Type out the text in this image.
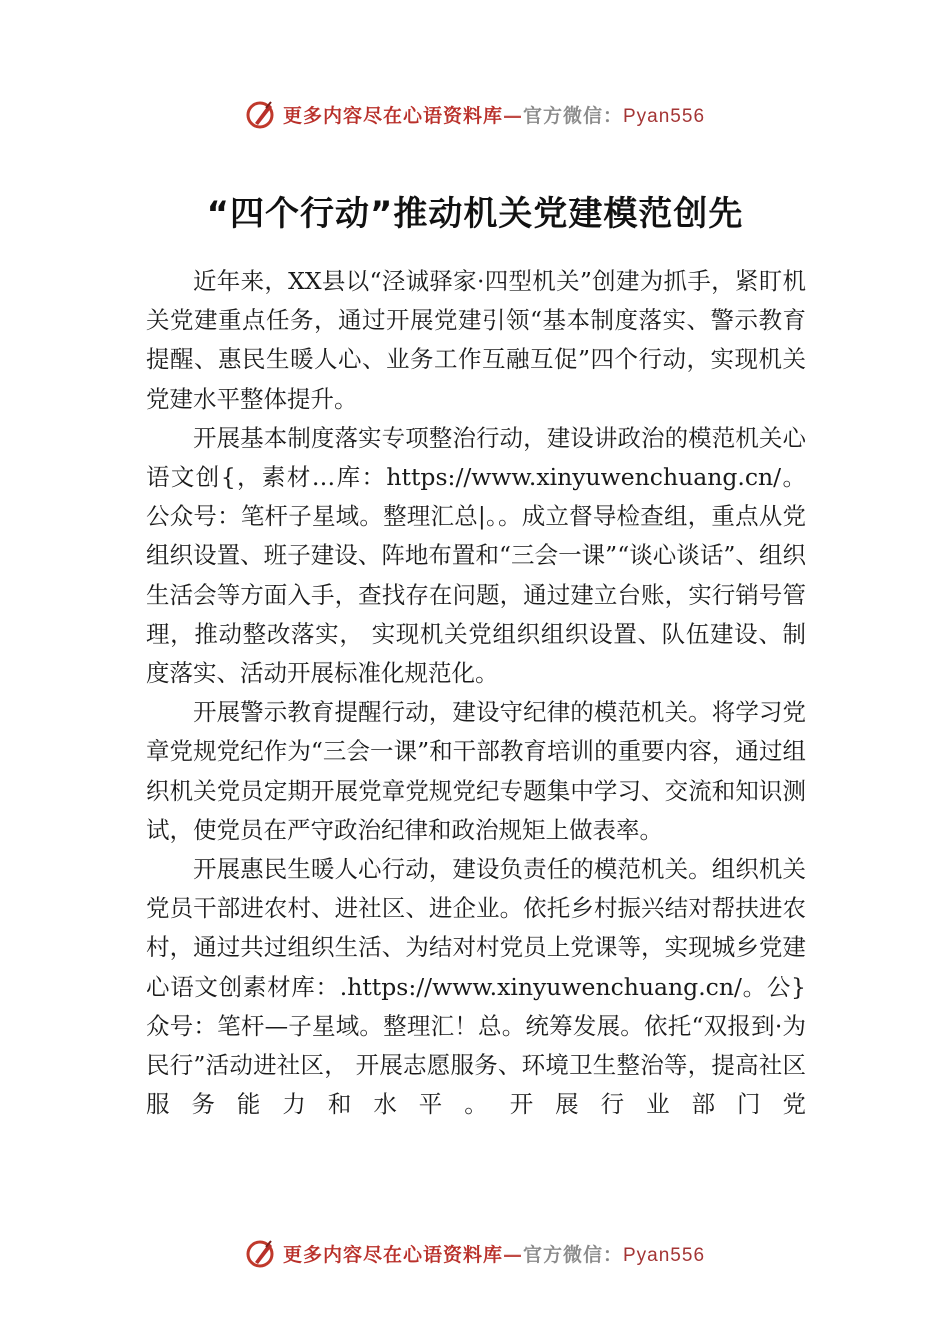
更多内容尽在心语资料库—官方微信：Pyan556
“四个行动”推动机关党建模范创先

近年来，XX县以“泾诚驿家·四型机关”创建为抓手，紧盯机关党建重点任务，通过开展党建引领“基本制度落实、警示教育提醒、惠民生暖人心、业务工作互融互促”四个行动，实现机关党建水平整体提升。

开展基本制度落实专项整治行动，建设讲政治的模范机关心语文创{，素材…库：https://www.xinyuwenchuang.cn/。公众号：笔杆子星域。整理汇总|。。成立督导检查组，重点从党组织设置、班子建设、阵地布置和“三会一课”“谈心谈话”、组织生活会等方面入手，查找存在问题，通过建立台账，实行销号管理，推动整改落实， 实现机关党组织组织设置、队伍建设、制度落实、活动开展标准化规范化。

开展警示教育提醒行动，建设守纪律的模范机关。将学习党章党规党纪作为“三会一课”和干部教育培训的重要内容，通过组织机关党员定期开展党章党规党纪专题集中学习、交流和知识测试，使党员在严守政治纪律和政治规矩上做表率。

开展惠民生暖人心行动，建设负责任的模范机关。组织机关党员干部进农村、进社区、进企业。依托乡村振兴结对帮扶进农村，通过共过组织生活、为结对村党员上党课等，实现城乡党建心语文创素材库：.https://www.xinyuwenchuang.cn/。公}众号：笔杆—子星域。整理汇！总。统筹发展。依托“双报到·为民行”活动进社区， 开展志愿服务、环境卫生整治等，提高社区服务能力和水平。开展行业部门党

更多内容尽在心语资料库—官方微信：Pyan556
